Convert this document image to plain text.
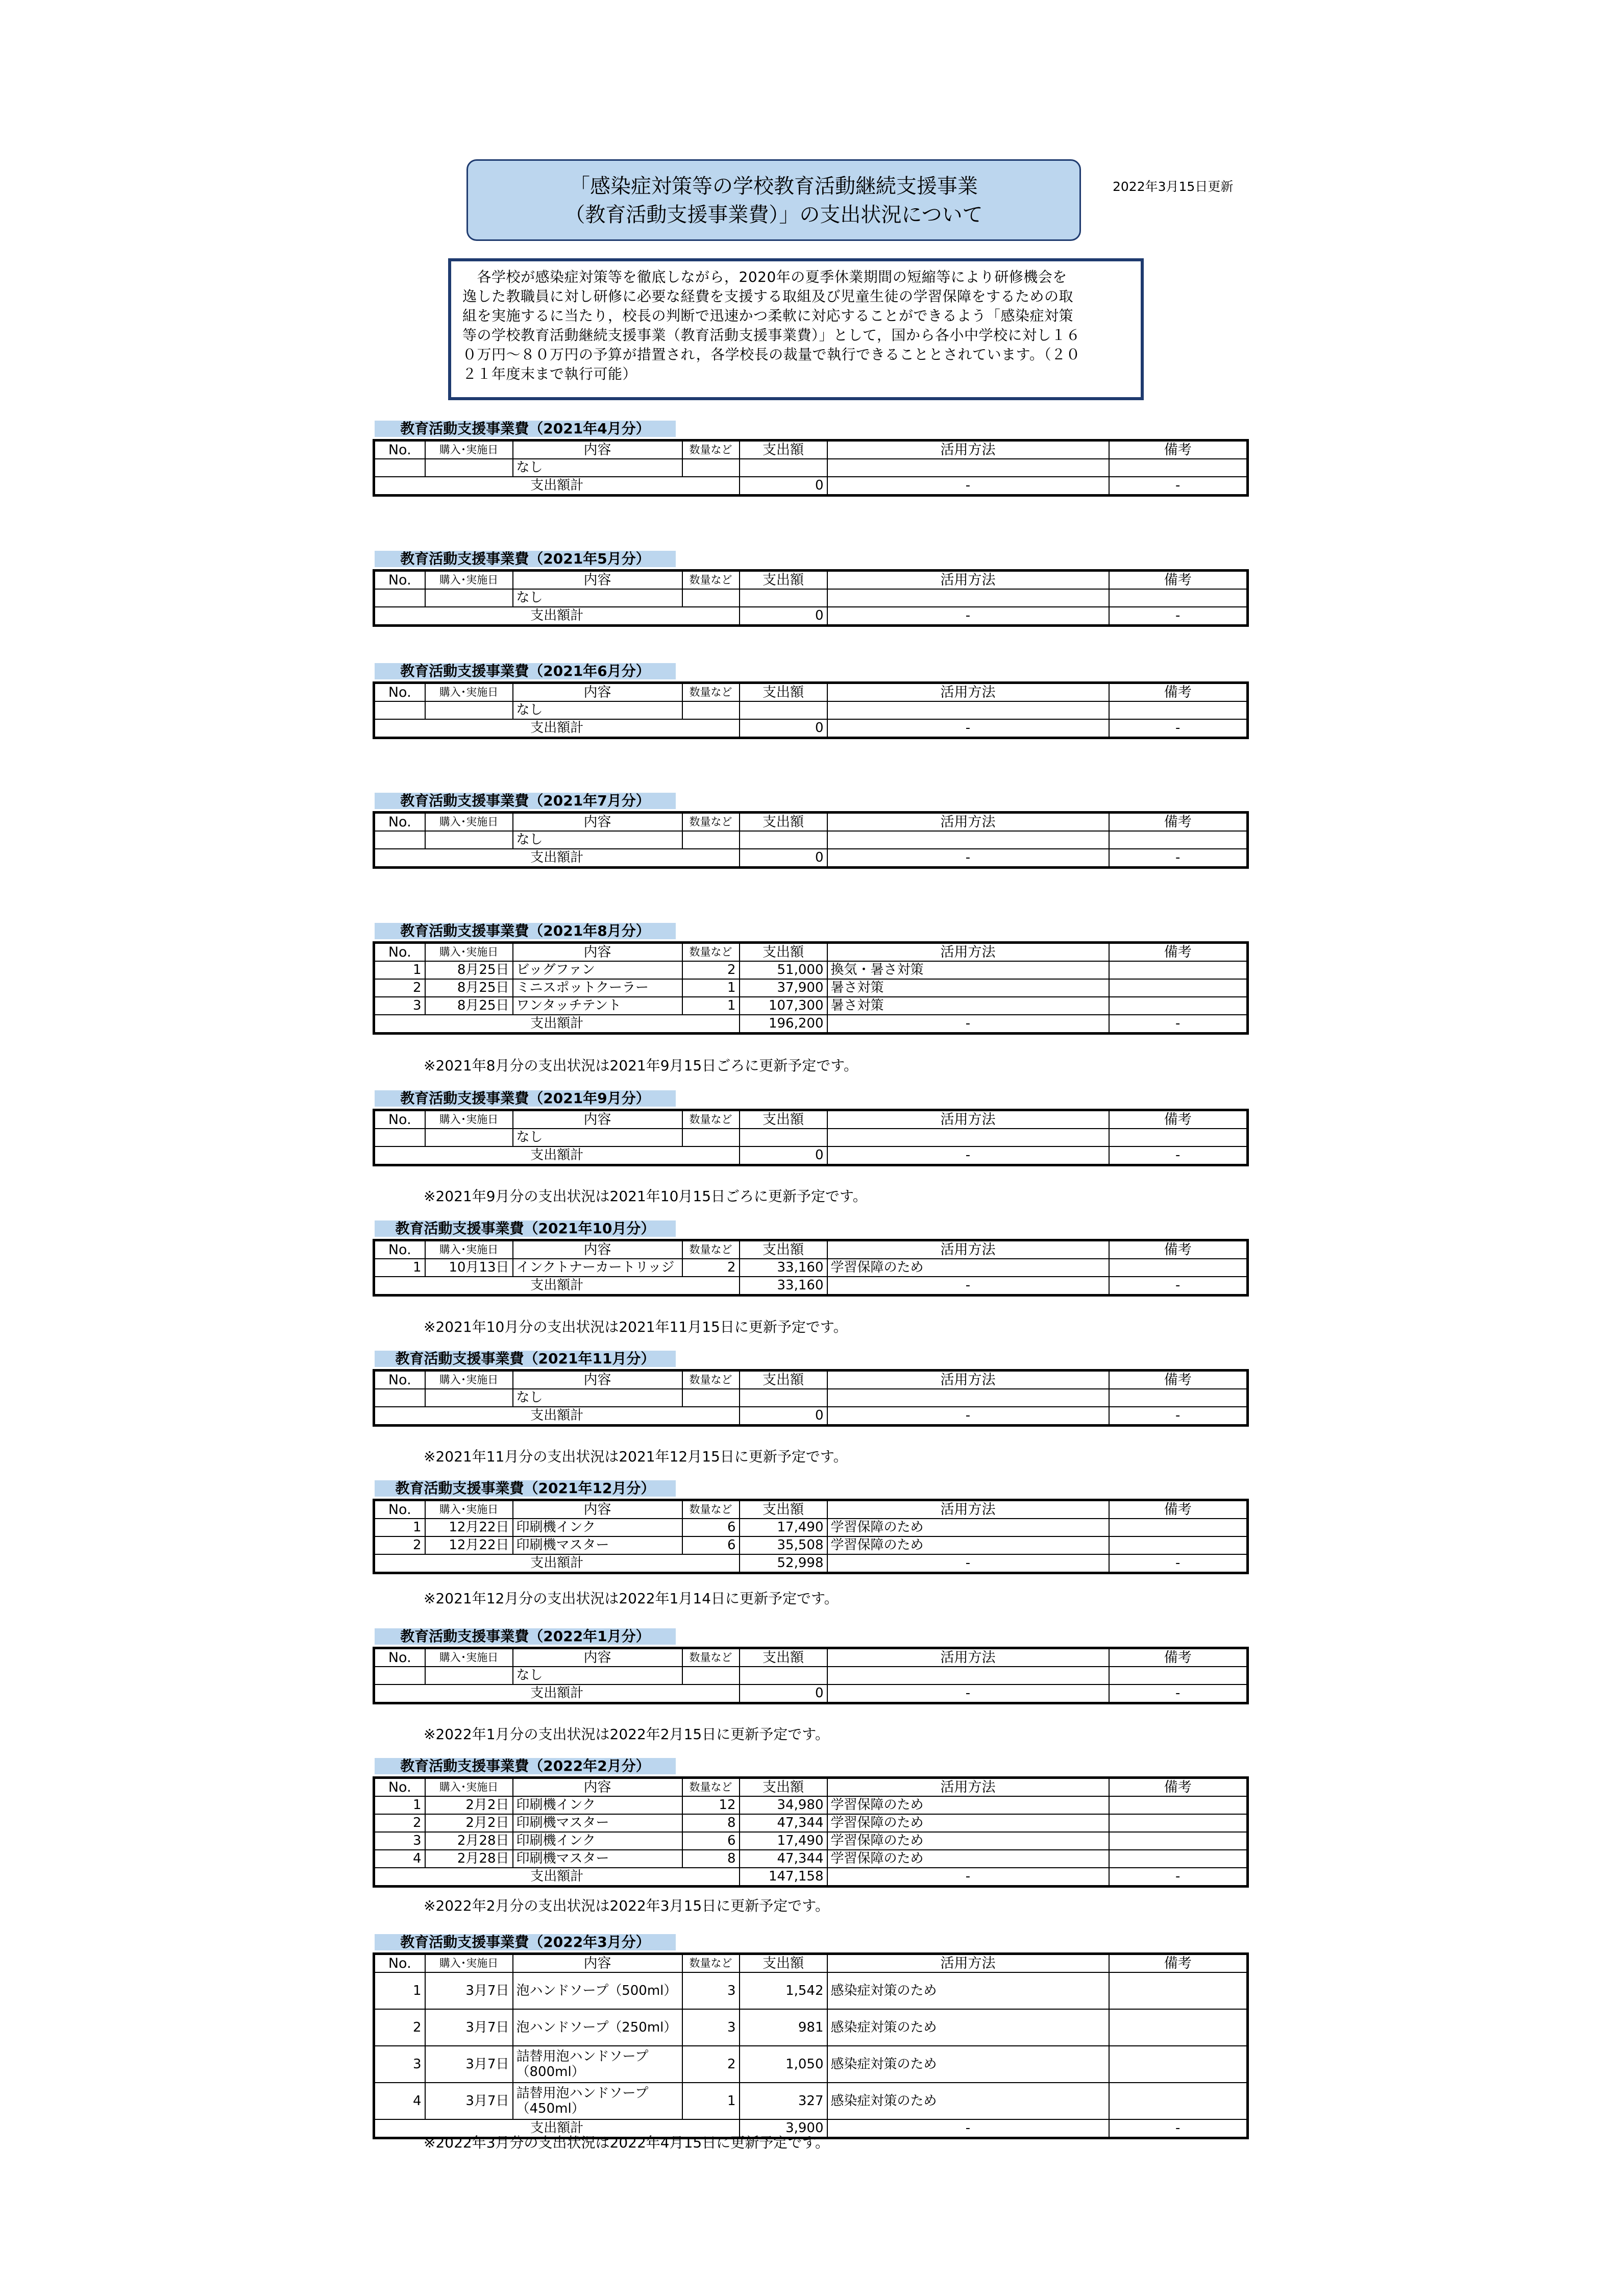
「感染症対策等の学校教育活動継続支援事業
（教育活動支援事業費）」の支出状況について
2022年3月15日更新
　各学校が感染症対策等を徹底しながら，2020年の夏季休業期間の短縮等により研修機会を
逸した教職員に対し研修に必要な経費を支援する取組及び児童生徒の学習保障をするための取
組を実施するに当たり，校長の判断で迅速かつ柔軟に対応することができるよう「感染症対策
等の学校教育活動継続支援事業（教育活動支援事業費）」として，国から各小中学校に対し１６
０万円～８０万円の予算が措置され，各学校長の裁量で執行できることとされています。（２０
２１年度末まで執行可能）
教育活動支援事業費（2021年4月分）
No.	購入･実施日	内容	数量など	支出額	活用方法	備考
		なし				
支出額計				0	-	-
教育活動支援事業費（2021年5月分）
No.	購入･実施日	内容	数量など	支出額	活用方法	備考
		なし				
支出額計				0	-	-
教育活動支援事業費（2021年6月分）
No.	購入･実施日	内容	数量など	支出額	活用方法	備考
		なし				
支出額計				0	-	-
教育活動支援事業費（2021年7月分）
No.	購入･実施日	内容	数量など	支出額	活用方法	備考
		なし				
支出額計				0	-	-
教育活動支援事業費（2021年8月分）
No.	購入･実施日	内容	数量など	支出額	活用方法	備考
1	8月25日	ビッグファン	2	51,000	換気・暑さ対策	
2	8月25日	ミニスポットクーラー	1	37,900	暑さ対策	
3	8月25日	ワンタッチテント	1	107,300	暑さ対策	
支出額計				196,200	-	-
※2021年8月分の支出状況は2021年9月15日ごろに更新予定です。
教育活動支援事業費（2021年9月分）
No.	購入･実施日	内容	数量など	支出額	活用方法	備考
		なし				
支出額計				0	-	-
※2021年9月分の支出状況は2021年10月15日ごろに更新予定です。
教育活動支援事業費（2021年10月分）
No.	購入･実施日	内容	数量など	支出額	活用方法	備考
1	10月13日	インクトナーカートリッジ	2	33,160	学習保障のため	
支出額計				33,160	-	-
※2021年10月分の支出状況は2021年11月15日に更新予定です。
教育活動支援事業費（2021年11月分）
No.	購入･実施日	内容	数量など	支出額	活用方法	備考
		なし				
支出額計				0	-	-
※2021年11月分の支出状況は2021年12月15日に更新予定です。
教育活動支援事業費（2021年12月分）
No.	購入･実施日	内容	数量など	支出額	活用方法	備考
1	12月22日	印刷機インク	6	17,490	学習保障のため	
2	12月22日	印刷機マスター	6	35,508	学習保障のため	
支出額計				52,998	-	-
※2021年12月分の支出状況は2022年1月14日に更新予定です。
教育活動支援事業費（2022年1月分）
No.	購入･実施日	内容	数量など	支出額	活用方法	備考
		なし				
支出額計				0	-	-
※2022年1月分の支出状況は2022年2月15日に更新予定です。
教育活動支援事業費（2022年2月分）
No.	購入･実施日	内容	数量など	支出額	活用方法	備考
1	2月2日	印刷機インク	12	34,980	学習保障のため	
2	2月2日	印刷機マスター	8	47,344	学習保障のため	
3	2月28日	印刷機インク	6	17,490	学習保障のため	
4	2月28日	印刷機マスター	8	47,344	学習保障のため	
支出額計				147,158	-	-
※2022年2月分の支出状況は2022年3月15日に更新予定です。
教育活動支援事業費（2022年3月分）
No.	購入･実施日	内容	数量など	支出額	活用方法	備考
1	3月7日	泡ハンドソープ（500ml）	3	1,542	感染症対策のため	
2	3月7日	泡ハンドソープ（250ml）	3	981	感染症対策のため	
3	3月7日	詰替用泡ハンドソープ（800ml）	2	1,050	感染症対策のため	
4	3月7日	詰替用泡ハンドソープ（450ml）	1	327	感染症対策のため	
支出額計				3,900	-	-
※2022年3月分の支出状況は2022年4月15日に更新予定です。
